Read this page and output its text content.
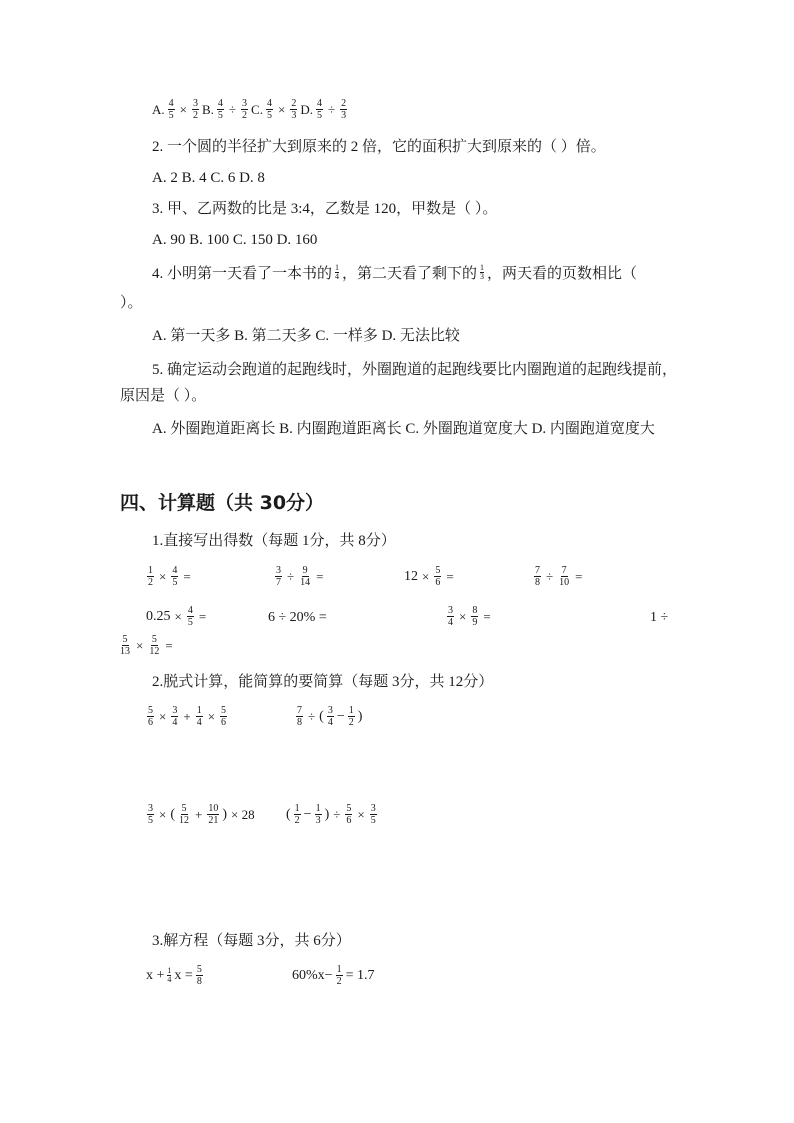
A. $\frac{4}{5} \times \frac{3}{2} B$. $\frac{4}{5} \div \frac{3}{2} C$. $\frac{4}{5} \times \frac{2}{3} D$. $\frac{4}{5} \div \frac{2}{3}$
2. 一个圆的半径扩大到原来的 2 倍，它的面积扩大到原来的（ ）倍。
A. 2 B. 4 C. 6 D. 8
3. 甲、乙两数的比是 3:4，乙数是 120，甲数是（ ）。
A. 90 B. 100 C. 150 D. 160
4. 小明第一天看了一本书的 1
4 ，第二天看了剩下的 1
3 ，两天看的页数相比（
）。
A. 第一天多 B. 第二天多 C. 一样多 D. 无法比较
5. 确定运动会跑道的起跑线时，外圈跑道的起跑线要比内圈跑道的起跑线提前，原因是（ ）。
A. 外圈跑道距离长 B. 内圈跑道距离长 C. 外圈跑道宽度大 D. 内圈跑道宽度大
四、计算题（共 30分）
1.直接写出得数（每题 1分，共 8分）
$\frac{1}{2} \times \frac{4}{5}$ =	$\frac{3}{7} \div \frac{9}{14}$ =	$12 \times \frac{5}{6}$ =	$\frac{7}{8} \div \frac{7}{10}$ =
$0.25 \times \frac{4}{5}$ =	6 ÷ 20% =	$\frac{3}{4} \times \frac{8}{9}$ =	1 ÷
$\frac{5}{13} \times \frac{5}{12}$ =
2.脱式计算，能简算的要简算（每题 3分，共 12分）
$\frac{5}{6} \times \frac{3}{4} + \frac{1}{4} \times \frac{5}{6}$	$\frac{7}{8}$ ÷ ( $\frac{3}{4} - \frac{1}{2}$ )
$\frac{3}{5}$ × ( $\frac{5}{12} + \frac{10}{21}$ ) × 28 ( $\frac{1}{2} - \frac{1}{3}$ ) ÷ $\frac{5}{6} \times \frac{3}{5}$
3.解方程（每题 3分，共 6分）
$x + \frac{1}{4}$ $x = \frac{5}{8}$	$60\%x- \frac{1}{2} = 1.7$
